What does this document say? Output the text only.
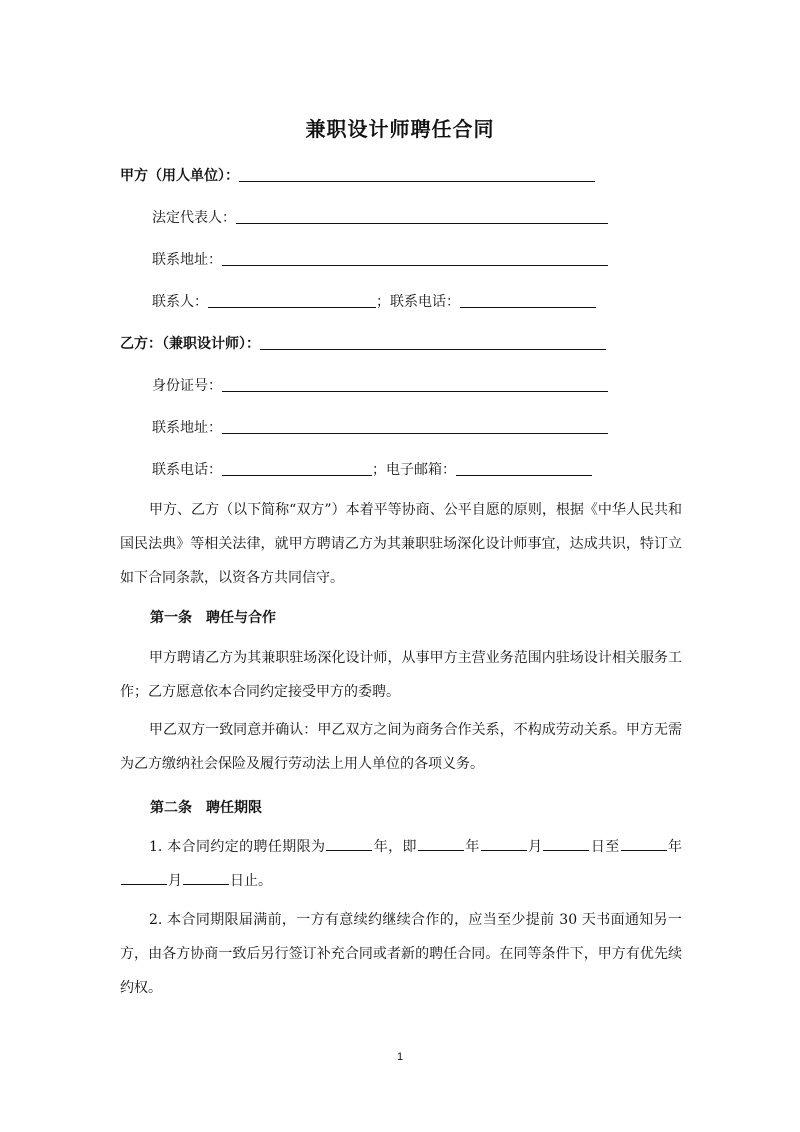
兼职设计师聘任合同
甲方（用人单位）：
法定代表人：
联系地址：
联系人：	；联系电话：
乙方：（兼职设计师）：
身份证号：
联系地址：
联系电话：	；电子邮箱：

甲方、乙方（以下简称“双方”）本着平等协商、公平自愿的原则，根据《中华人民共和国民法典》等相关法律，就甲方聘请乙方为其兼职驻场深化设计师事宜，达成共识，特订立如下合同条款，以资各方共同信守。

第一条 聘任与合作

甲方聘请乙方为其兼职驻场深化设计师，从事甲方主营业务范围内驻场设计相关服务工作；乙方愿意依本合同约定接受甲方的委聘。

甲乙双方一致同意并确认：甲乙双方之间为商务合作关系，不构成劳动关系。甲方无需为乙方缴纳社会保险及履行劳动法上用人单位的各项义务。

第二条 聘任期限

1. 本合同约定的聘任期限为	年，即	年	月	日至	年月	日止。

2. 本合同期限届满前，一方有意续约继续合作的，应当至少提前 30 天书面通知另一方，由各方协商一致后另行签订补充合同或者新的聘任合同。在同等条件下，甲方有优先续约权。

1
